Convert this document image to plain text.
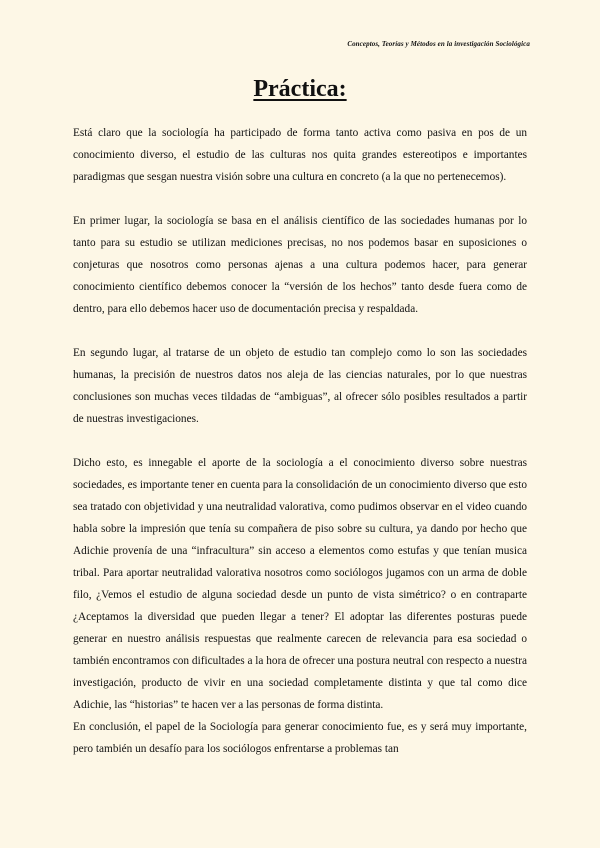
Conceptos, Teorías y Métodos en la investigación Sociológica
Práctica:

Está claro que la sociología ha participado de forma tanto activa como pasiva en pos de un conocimiento diverso, el estudio de las culturas nos quita grandes estereotipos e importantes paradigmas que sesgan nuestra visión sobre una cultura en concreto (a la que no pertenecemos).

En primer lugar, la sociología se basa en el análisis científico de las sociedades humanas por lo tanto para su estudio se utilizan mediciones precisas, no nos podemos basar en suposiciones o conjeturas que nosotros como personas ajenas a una cultura podemos hacer, para generar conocimiento científico debemos conocer la “versión de los hechos” tanto desde fuera como de dentro, para ello debemos hacer uso de documentación precisa y respaldada.

En segundo lugar, al tratarse de un objeto de estudio tan complejo como lo son las sociedades humanas, la precisión de nuestros datos nos aleja de las ciencias naturales, por lo que nuestras conclusiones son muchas veces tildadas de “ambiguas”, al ofrecer sólo posibles resultados a partir de nuestras investigaciones.

Dicho esto, es innegable el aporte de la sociología a el conocimiento diverso sobre nuestras sociedades, es importante tener en cuenta para la consolidación de un conocimiento diverso que esto sea tratado con objetividad y una neutralidad valorativa, como pudimos observar en el video cuando habla sobre la impresión que tenía su compañera de piso sobre su cultura, ya dando por hecho que Adichie provenía de una “infracultura” sin acceso a elementos como estufas y que tenían musica tribal. Para aportar neutralidad valorativa nosotros como sociólogos jugamos con un arma de doble filo, ¿Vemos el estudio de alguna sociedad desde un punto de vista simétrico? o en contraparte ¿Aceptamos la diversidad que pueden llegar a tener? El adoptar las diferentes posturas puede generar en nuestro análisis respuestas que realmente carecen de relevancia para esa sociedad o también encontramos con dificultades a la hora de ofrecer una postura neutral con respecto a nuestra investigación, producto de vivir en una sociedad completamente distinta y que tal como dice Adichie, las “historias” te hacen ver a las personas de forma distinta.

En conclusión, el papel de la Sociología para generar conocimiento fue, es y será muy importante, pero también un desafío para los sociólogos enfrentarse a problemas tan
